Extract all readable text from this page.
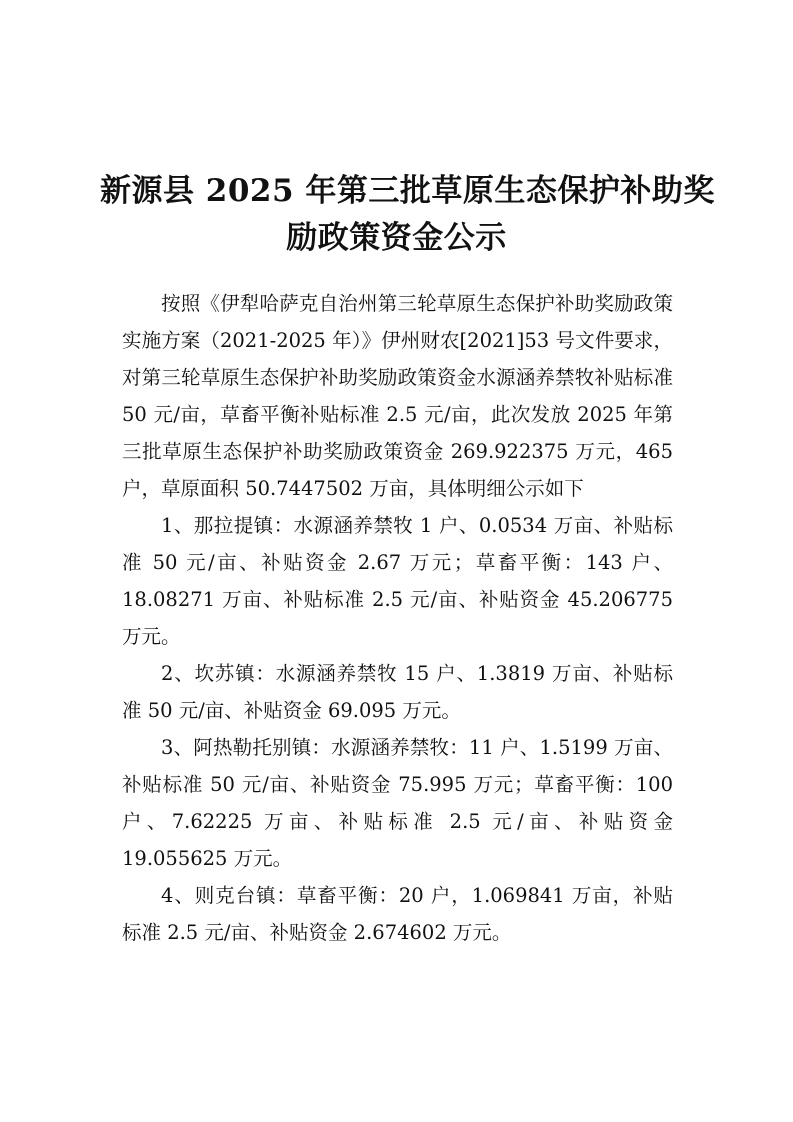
新源县 2025 年第三批草原生态保护补助奖
励政策资金公示

按照《伊犁哈萨克自治州第三轮草原生态保护补助奖励政策实施方案（2021-2025 年）》伊州财农[2021]53 号文件要求，对第三轮草原生态保护补助奖励政策资金水源涵养禁牧补贴标准 50 元/亩，草畜平衡补贴标准 2.5 元/亩，此次发放 2025 年第三批草原生态保护补助奖励政策资金 269.922375 万元，465 户，草原面积 50.7447502 万亩，具体明细公示如下

1、那拉提镇：水源涵养禁牧 1 户、0.0534 万亩、补贴标准 50 元/亩、补贴资金 2.67 万元；草畜平衡：143 户、18.08271 万亩、补贴标准 2.5 元/亩、补贴资金 45.206775 万元。

2、坎苏镇：水源涵养禁牧 15 户、1.3819 万亩、补贴标准 50 元/亩、补贴资金 69.095 万元。

3、阿热勒托别镇：水源涵养禁牧：11 户、1.5199 万亩、补贴标准 50 元/亩、补贴资金 75.995 万元；草畜平衡：100 户、7.62225 万亩、补贴标准 2.5 元/亩、补贴资金 19.055625 万元。

4、则克台镇：草畜平衡：20 户，1.069841 万亩，补贴标准 2.5 元/亩、补贴资金 2.674602 万元。
